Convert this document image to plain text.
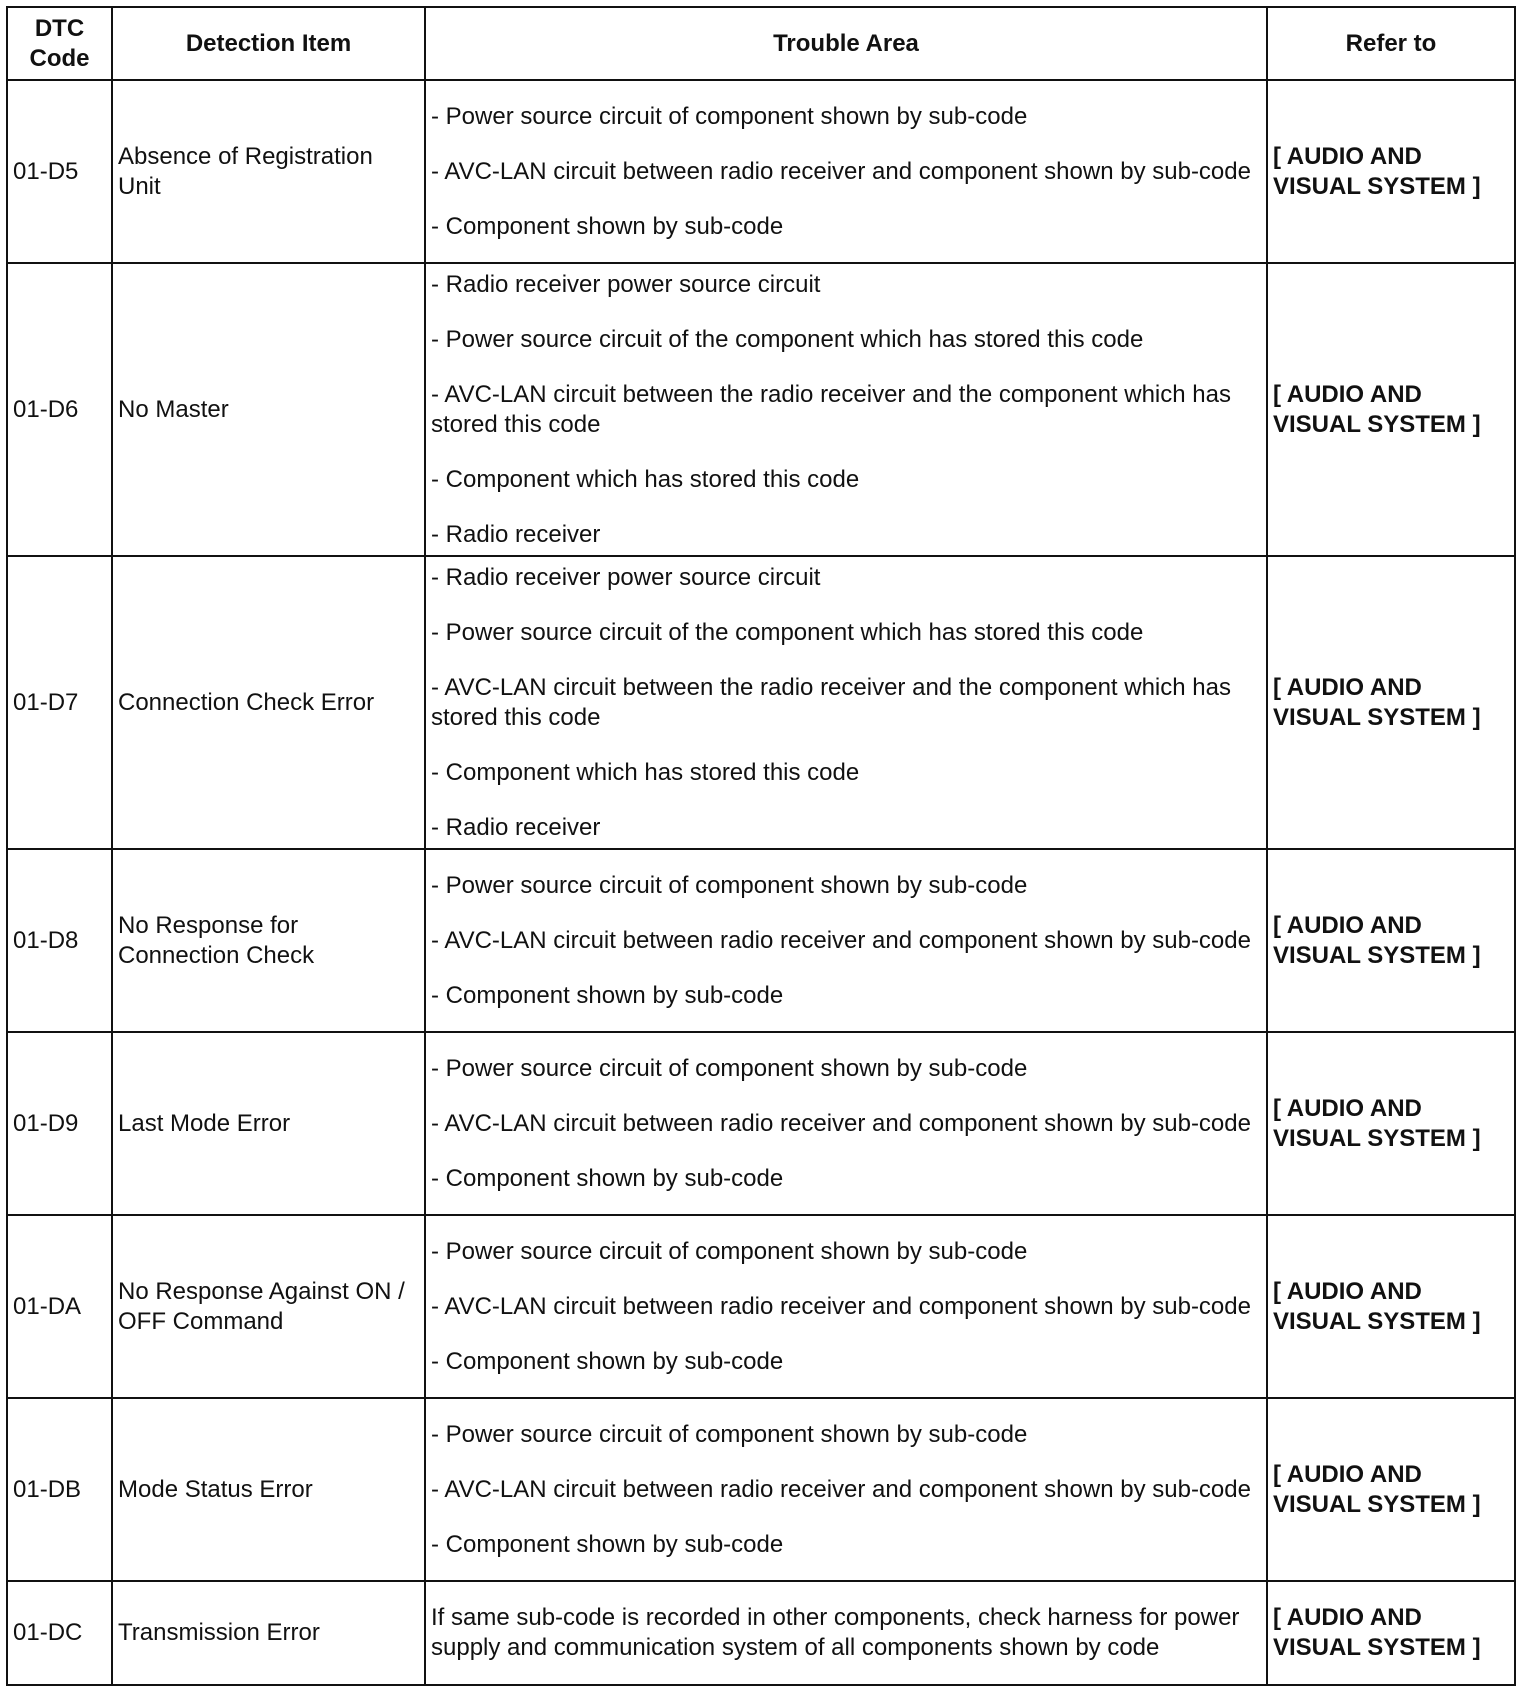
DTC
Code	Detection Item	Trouble Area	Refer to
01-D5	Absence of Registration Unit	- Power source circuit of component shown by sub-code

- AVC-LAN circuit between radio receiver and component shown by sub-code

- Component shown by sub-code	[ AUDIO AND VISUAL SYSTEM ]
01-D6	No Master	- Radio receiver power source circuit

- Power source circuit of the component which has stored this code

- AVC-LAN circuit between the radio receiver and the component which has stored this code

- Component which has stored this code

- Radio receiver	[ AUDIO AND VISUAL SYSTEM ]
01-D7	Connection Check Error	- Radio receiver power source circuit

- Power source circuit of the component which has stored this code

- AVC-LAN circuit between the radio receiver and the component which has stored this code

- Component which has stored this code

- Radio receiver	[ AUDIO AND VISUAL SYSTEM ]
01-D8	No Response for Connection Check	- Power source circuit of component shown by sub-code

- AVC-LAN circuit between radio receiver and component shown by sub-code

- Component shown by sub-code	[ AUDIO AND VISUAL SYSTEM ]
01-D9	Last Mode Error	- Power source circuit of component shown by sub-code

- AVC-LAN circuit between radio receiver and component shown by sub-code

- Component shown by sub-code	[ AUDIO AND VISUAL SYSTEM ]
01-DA	No Response Against ON / OFF Command	- Power source circuit of component shown by sub-code

- AVC-LAN circuit between radio receiver and component shown by sub-code

- Component shown by sub-code	[ AUDIO AND VISUAL SYSTEM ]
01-DB	Mode Status Error	- Power source circuit of component shown by sub-code

- AVC-LAN circuit between radio receiver and component shown by sub-code

- Component shown by sub-code	[ AUDIO AND VISUAL SYSTEM ]
01-DC	Transmission Error	If same sub-code is recorded in other components, check harness for power supply and communication system of all components shown by code	[ AUDIO AND VISUAL SYSTEM ]
